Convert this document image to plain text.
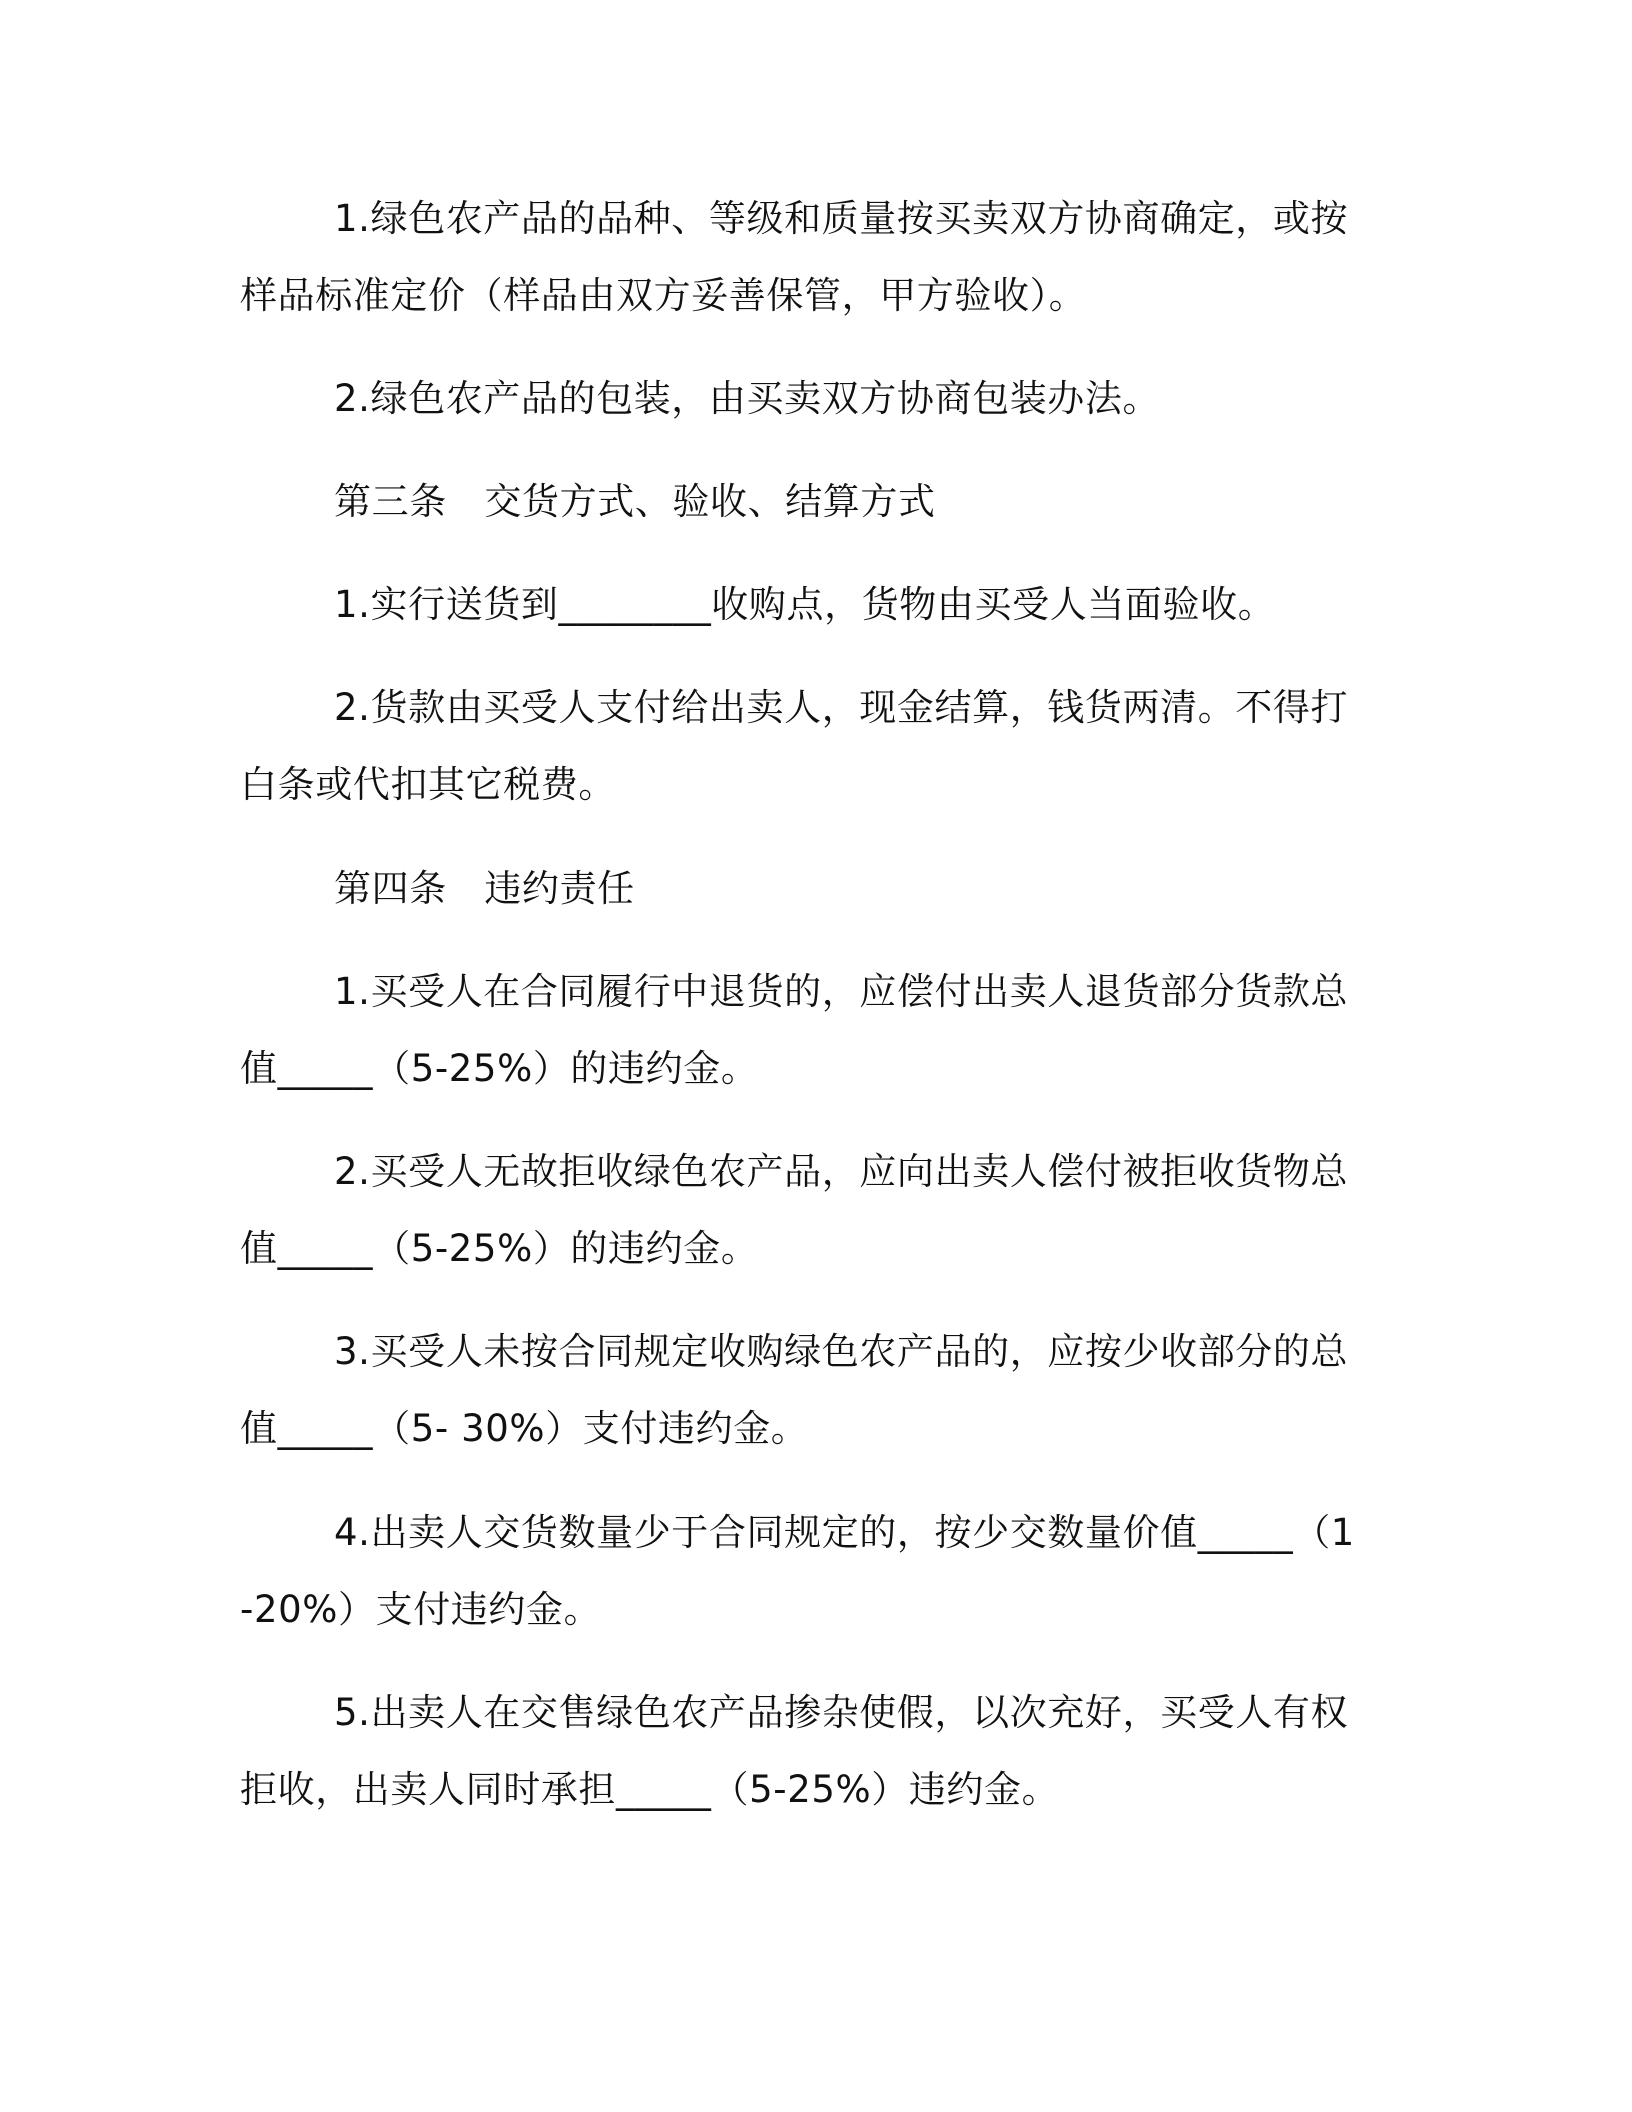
1.绿色农产品的品种、等级和质量按买卖双方协商确定，或按样品标准定价（样品由双方妥善保管，甲方验收）。

2.绿色农产品的包装，由买卖双方协商包装办法。

第三条　交货方式、验收、结算方式

1.实行送货到________收购点，货物由买受人当面验收。

2.货款由买受人支付给出卖人，现金结算，钱货两清。不得打白条或代扣其它税费。

第四条　违约责任

1.买受人在合同履行中退货的，应偿付出卖人退货部分货款总值_____（5-25%）的违约金。

2.买受人无故拒收绿色农产品，应向出卖人偿付被拒收货物总值_____（5-25%）的违约金。

3.买受人未按合同规定收购绿色农产品的，应按少收部分的总值_____（5- 30%）支付违约金。

4.出卖人交货数量少于合同规定的，按少交数量价值_____（1-20%）支付违约金。

5.出卖人在交售绿色农产品掺杂使假，以次充好，买受人有权拒收，出卖人同时承担_____（5-25%）违约金。
